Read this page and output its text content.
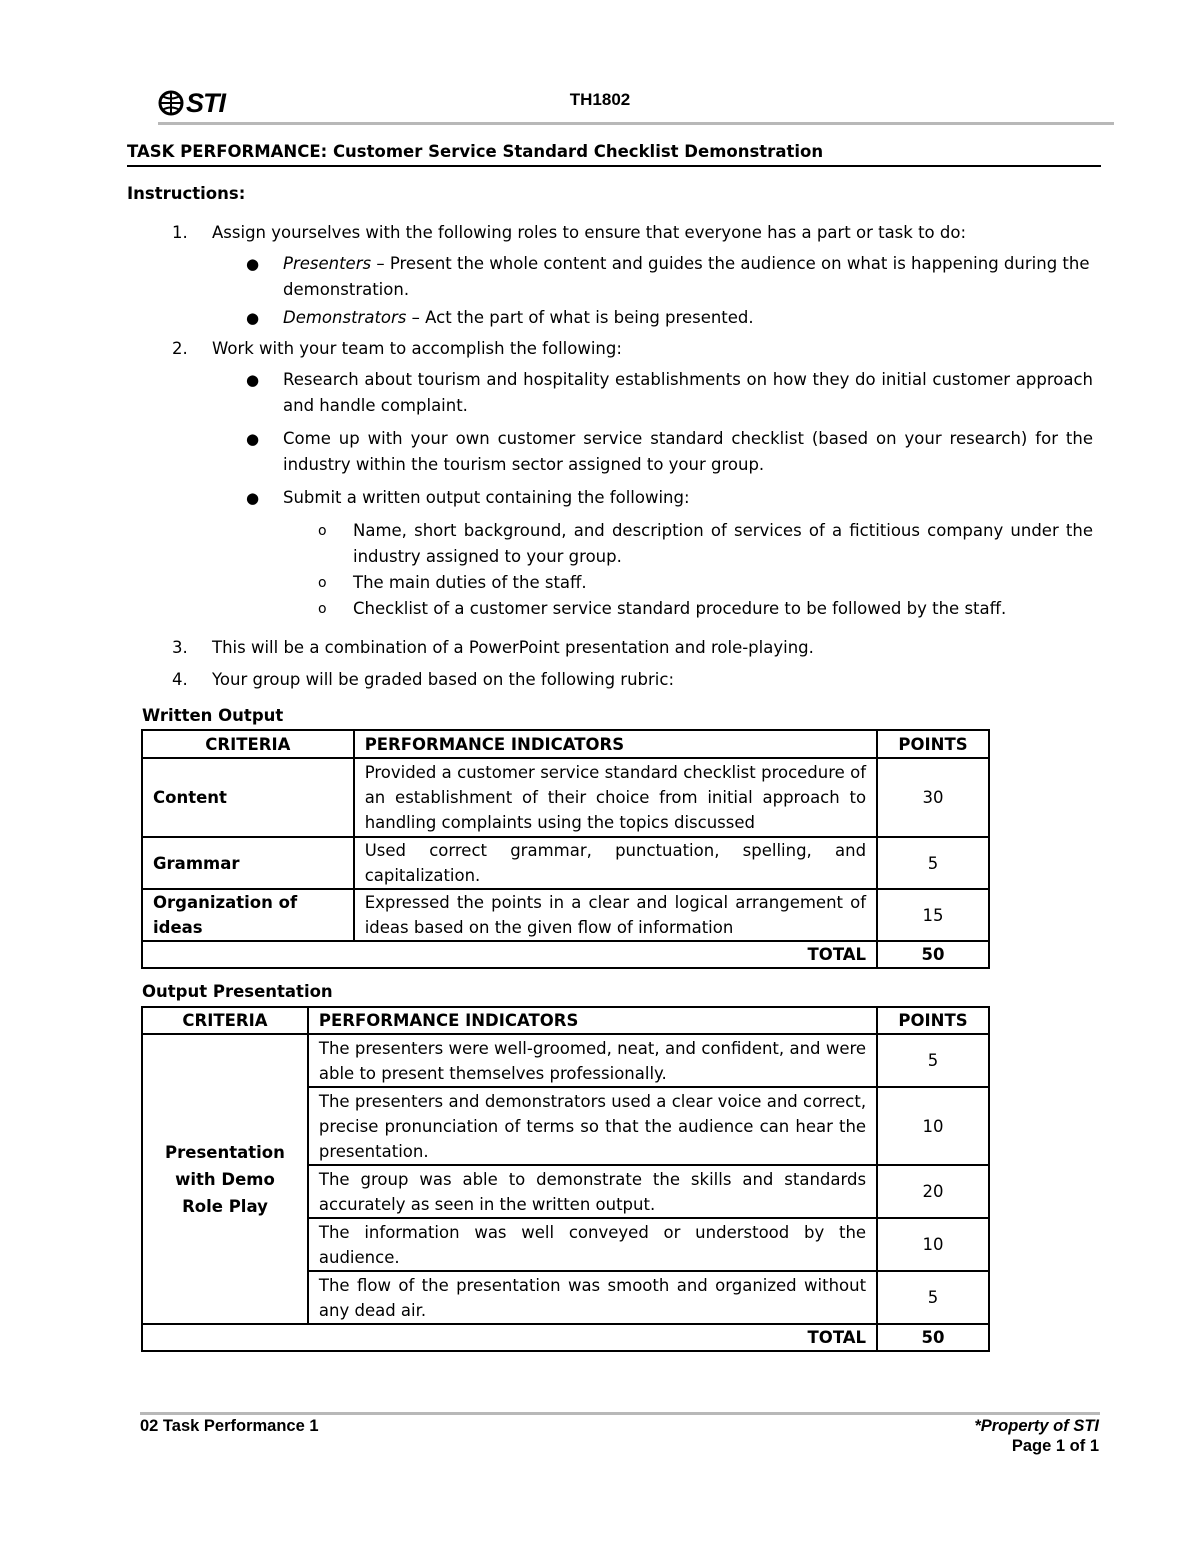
STI	TH1802
TASK PERFORMANCE: Customer Service Standard Checklist Demonstration
Instructions:
1. Assign yourselves with the following roles to ensure that everyone has a part or task to do:
● Presenters – Present the whole content and guides the audience on what is happening during the demonstration.
● Demonstrators – Act the part of what is being presented.
2. Work with your team to accomplish the following:
● Research about tourism and hospitality establishments on how they do initial customer approach and handle complaint.
● Come up with your own customer service standard checklist (based on your research) for the industry within the tourism sector assigned to your group.
● Submit a written output containing the following:
o Name, short background, and description of services of a fictitious company under the industry assigned to your group.
o The main duties of the staff.
o Checklist of a customer service standard procedure to be followed by the staff.
3. This will be a combination of a PowerPoint presentation and role-playing.
4. Your group will be graded based on the following rubric:
Written Output
CRITERIA	PERFORMANCE INDICATORS	POINTS
Content	Provided a customer service standard checklist procedure of an establishment of their choice from initial approach to handling complaints using the topics discussed	30
Grammar	Used correct grammar, punctuation, spelling, and capitalization.	5
Organization of ideas	Expressed the points in a clear and logical arrangement of ideas based on the given flow of information	15
TOTAL		50
Output Presentation
CRITERIA	PERFORMANCE INDICATORS	POINTS
Presentation with Demo Role Play	The presenters were well-groomed, neat, and confident, and were able to present themselves professionally.	5
	The presenters and demonstrators used a clear voice and correct, precise pronunciation of terms so that the audience can hear the presentation.	10
	The group was able to demonstrate the skills and standards accurately as seen in the written output.	20
	The information was well conveyed or understood by the audience.	10
	The flow of the presentation was smooth and organized without any dead air.	5
TOTAL		50
02 Task Performance 1	*Property of STI
Page 1 of 1
